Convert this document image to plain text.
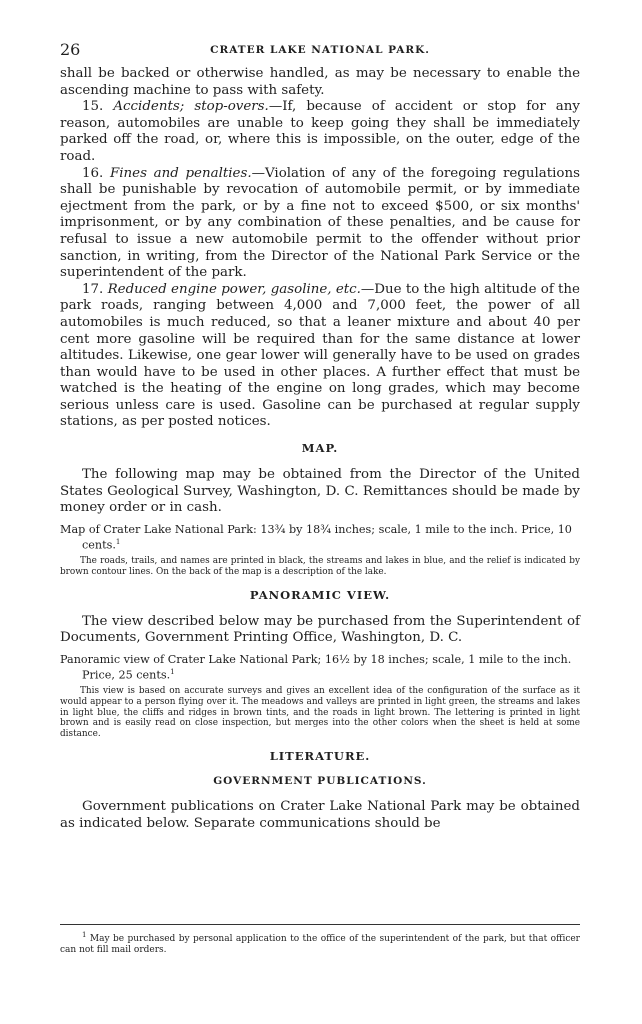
26	CRATER LAKE NATIONAL PARK.

shall be backed or otherwise handled, as may be necessary to enable the ascending machine to pass with safety.

15. Accidents; stop-overs.—If, because of accident or stop for any reason, automobiles are unable to keep going they shall be immediately parked off the road, or, where this is impossible, on the outer, edge of the road.

16. Fines and penalties.—Violation of any of the foregoing regulations shall be punishable by revocation of automobile permit, or by immediate ejectment from the park, or by a fine not to exceed $500, or six months' imprisonment, or by any combination of these penalties, and be cause for refusal to issue a new automobile permit to the offender without prior sanction, in writing, from the Director of the National Park Service or the superintendent of the park.

17. Reduced engine power, gasoline, etc.—Due to the high altitude of the park roads, ranging between 4,000 and 7,000 feet, the power of all automobiles is much reduced, so that a leaner mixture and about 40 per cent more gasoline will be required than for the same distance at lower altitudes. Likewise, one gear lower will generally have to be used on grades than would have to be used in other places. A further effect that must be watched is the heating of the engine on long grades, which may become serious unless care is used. Gasoline can be purchased at regular supply stations, as per posted notices.

MAP.

The following map may be obtained from the Director of the United States Geological Survey, Washington, D. C. Remittances should be made by money order or in cash.

Map of Crater Lake National Park: 13¾ by 18¾ inches; scale, 1 mile to the inch. Price, 10 cents.$^1$

The roads, trails, and names are printed in black, the streams and lakes in blue, and the relief is indicated by brown contour lines. On the back of the map is a description of the lake.

PANORAMIC VIEW.

The view described below may be purchased from the Superintendent of Documents, Government Printing Office, Washington, D. C.

Panoramic view of Crater Lake National Park; 16½ by 18 inches; scale, 1 mile to the inch. Price, 25 cents.$^1$

This view is based on accurate surveys and gives an excellent idea of the configuration of the surface as it would appear to a person flying over it. The meadows and valleys are printed in light green, the streams and lakes in light blue, the cliffs and ridges in brown tints, and the roads in light brown. The lettering is printed in light brown and is easily read on close inspection, but merges into the other colors when the sheet is held at some distance.

LITERATURE.
GOVERNMENT PUBLICATIONS.

Government publications on Crater Lake National Park may be obtained as indicated below. Separate communications should be

$^1$ May be purchased by personal application to the office of the superintendent of the park, but that officer can not fill mail orders.
